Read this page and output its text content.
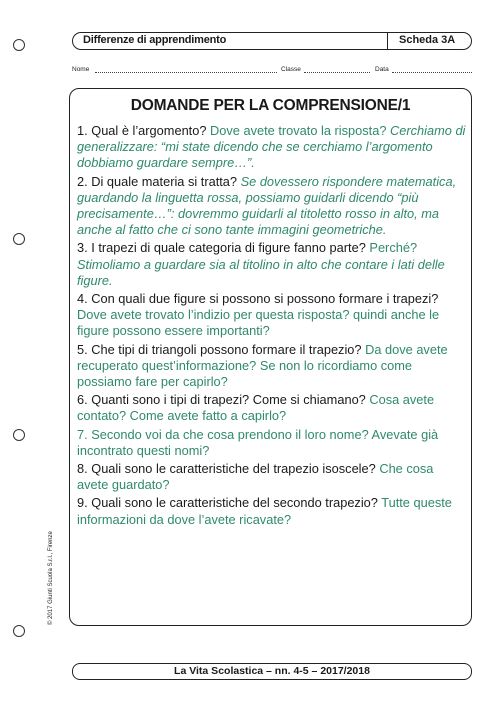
Differenze di apprendimento	Scheda 3A
Nome	Classe	Data
DOMANDE PER LA COMPRENSIONE/1

1. Qual è l’argomento? Dove avete trovato la risposta? Cerchiamo di generalizzare: “mi state dicendo che se cerchiamo l’argomento dobbiamo guardare sempre…”.

2. Di quale materia si tratta? Se dovessero rispondere matematica, guardando la linguetta rossa, possiamo guidarli dicendo “più precisamente…”: dovremmo guidarli al titoletto rosso in alto, ma anche al fatto che ci sono tante immagini geometriche.

3. I trapezi di quale categoria di figure fanno parte? Perché? Stimoliamo a guardare sia al titolino in alto che contare i lati delle figure.

4. Con quali due figure si possono si possono formare i trapezi? Dove avete trovato l’indizio per questa risposta? quindi anche le figure possono essere importanti?

5. Che tipi di triangoli possono formare il trapezio? Da dove avete recuperato quest’informazione? Se non lo ricordiamo come possiamo fare per capirlo?

6. Quanti sono i tipi di trapezi? Come si chiamano? Cosa avete contato? Come avete fatto a capirlo?

7. Secondo voi da che cosa prendono il loro nome? Avevate già incontrato questi nomi?

8. Quali sono le caratteristiche del trapezio isoscele? Che cosa avete guardato?

9. Quali sono le caratteristiche del secondo trapezio? Tutte queste informazioni da dove l’avete ricavate?

© 2017 Giunti Scuola S.r.l., Firenze
La Vita Scolastica – nn. 4-5 – 2017/2018
